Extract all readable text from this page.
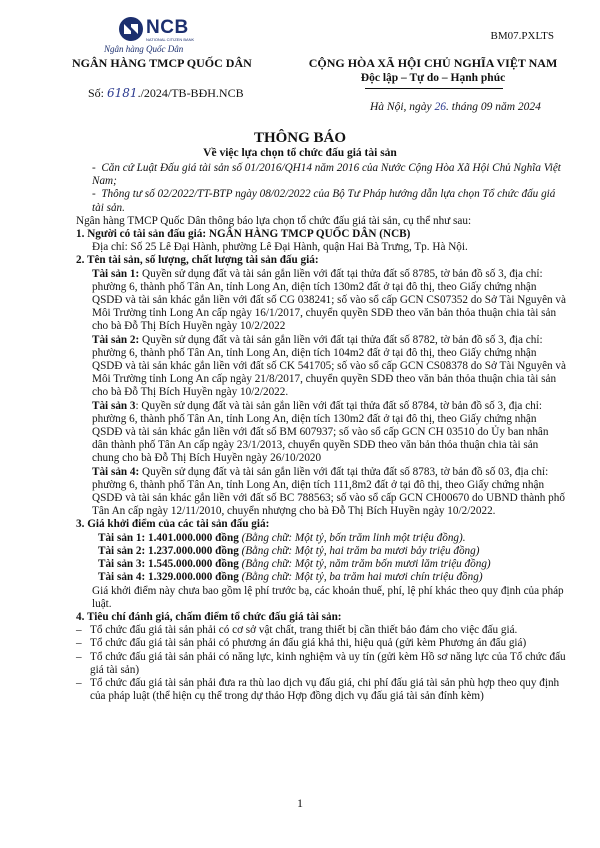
NCB
NATIONAL CITIZEN BANK
Ngân hàng Quốc Dân
BM07.PXLTS
NGÂN HÀNG TMCP QUỐC DÂN	CỘNG HÒA XÃ HỘI CHỦ NGHĨA VIỆT NAM
Độc lập – Tự do – Hạnh phúc
Số: 6181./2024/TB-BĐH.NCB
Hà Nội, ngày 26. tháng 09 năm 2024
THÔNG BÁO
Về việc lựa chọn tổ chức đấu giá tài sản

-  Căn cứ Luật Đấu giá tài sản số 01/2016/QH14 năm 2016 của Nước Cộng Hòa Xã Hội Chủ Nghĩa Việt Nam;

-  Thông tư số 02/2022/TT-BTP ngày 08/02/2022 của Bộ Tư Pháp hướng dẫn lựa chọn Tổ chức đấu giá tài sản.

Ngân hàng TMCP Quốc Dân thông báo lựa chọn tổ chức đấu giá tài sản, cụ thể như sau:

1. Người có tài sản đấu giá: NGÂN HÀNG TMCP QUỐC DÂN (NCB)

Địa chỉ: Số 25 Lê Đại Hành, phường Lê Đại Hành, quận Hai Bà Trưng, Tp. Hà Nội.

2. Tên tài sản, số lượng, chất lượng tài sản đấu giá:

Tài sản 1: Quyền sử dụng đất và tài sản gắn liền với đất tại thửa đất số 8785, tờ bản đồ số 3, địa chỉ: phường 6, thành phố Tân An, tỉnh Long An, diện tích 130m2 đất ở tại đô thị, theo Giấy chứng nhận QSDĐ và tài sản khác gắn liền với đất số CG 038241; số vào sổ cấp GCN CS07352 do Sở Tài Nguyên và Môi Trường tỉnh Long An cấp ngày 16/1/2017, chuyển quyền SDĐ theo văn bản thỏa thuận chia tài sản cho bà Đỗ Thị Bích Huyền ngày 10/2/2022

Tài sản 2: Quyền sử dụng đất và tài sản gắn liền với đất tại thửa đất số 8782, tờ bản đồ số 3, địa chỉ: phường 6, thành phố Tân An, tỉnh Long An, diện tích 104m2 đất ở tại đô thị, theo Giấy chứng nhận QSDĐ và tài sản khác gắn liền với đất số CK 541705; số vào sổ cấp GCN CS08378 do Sở Tài Nguyên và Môi Trường tỉnh Long An cấp ngày 21/8/2017, chuyển quyền SDĐ theo văn bản thỏa thuận chia tài sản cho bà Đỗ Thị Bích Huyền ngày 10/2/2022.

Tài sản 3: Quyền sử dụng đất và tài sản gắn liền với đất tại thửa đất số 8784, tờ bản đồ số 3, địa chỉ: phường 6, thành phố Tân An, tỉnh Long An, diện tích 130m2 đất ở tại đô thị, theo Giấy chứng nhận QSDĐ và tài sản khác gắn liền với đất số BM 607937; số vào sổ cấp GCN CH 03510 do Ủy ban nhân dân thành phố Tân An cấp ngày 23/1/2013, chuyển quyền SDĐ theo văn bản thỏa thuận chia tài sản chung cho bà Đỗ Thị Bích Huyền ngày 26/10/2020

Tài sản 4: Quyền sử dụng đất và tài sản gắn liền với đất tại thửa đất số 8783, tờ bản đồ số 03, địa chỉ: phường 6, thành phố Tân An, tỉnh Long An, diện tích 111,8m2 đất ở tại đô thị, theo Giấy chứng nhận QSDĐ và tài sản khác gắn liền với đất số BC 788563; số vào sổ cấp GCN CH00670 do UBND thành phố Tân An cấp ngày 12/11/2010, chuyển nhượng cho bà Đỗ Thị Bích Huyền ngày 10/2/2022.

3. Giá khởi điểm của các tài sản đấu giá:

Tài sản 1: 1.401.000.000 đồng (Bằng chữ: Một tỷ, bốn trăm linh một triệu đồng).

Tài sản 2: 1.237.000.000 đồng (Bằng chữ: Một tỷ, hai trăm ba mươi bảy triệu đồng)

Tài sản 3: 1.545.000.000 đồng (Bằng chữ: Một tỷ, năm trăm bốn mươi lăm triệu đồng)

Tài sản 4: 1.329.000.000 đồng (Bằng chữ: Một tỷ, ba trăm hai mươi chín triệu đồng)

Giá khởi điểm này chưa bao gồm lệ phí trước bạ, các khoản thuế, phí, lệ phí khác theo quy định của pháp luật.

4. Tiêu chí đánh giá, chấm điểm tổ chức đấu giá tài sản:

– Tổ chức đấu giá tài sản phải có cơ sở vật chất, trang thiết bị cần thiết bảo đảm cho việc đấu giá.
– Tổ chức đấu giá tài sản phải có phương án đấu giá khả thi, hiệu quả (gửi kèm Phương án đấu giá)
– Tổ chức đấu giá tài sản phải có năng lực, kinh nghiệm và uy tín (gửi kèm Hồ sơ năng lực của Tổ chức đấu giá tài sản)
– Tổ chức đấu giá tài sản phải đưa ra thù lao dịch vụ đấu giá, chi phí đấu giá tài sản phù hợp theo quy định của pháp luật (thể hiện cụ thể trong dự thảo Hợp đồng dịch vụ đấu giá tài sản đính kèm)
1
